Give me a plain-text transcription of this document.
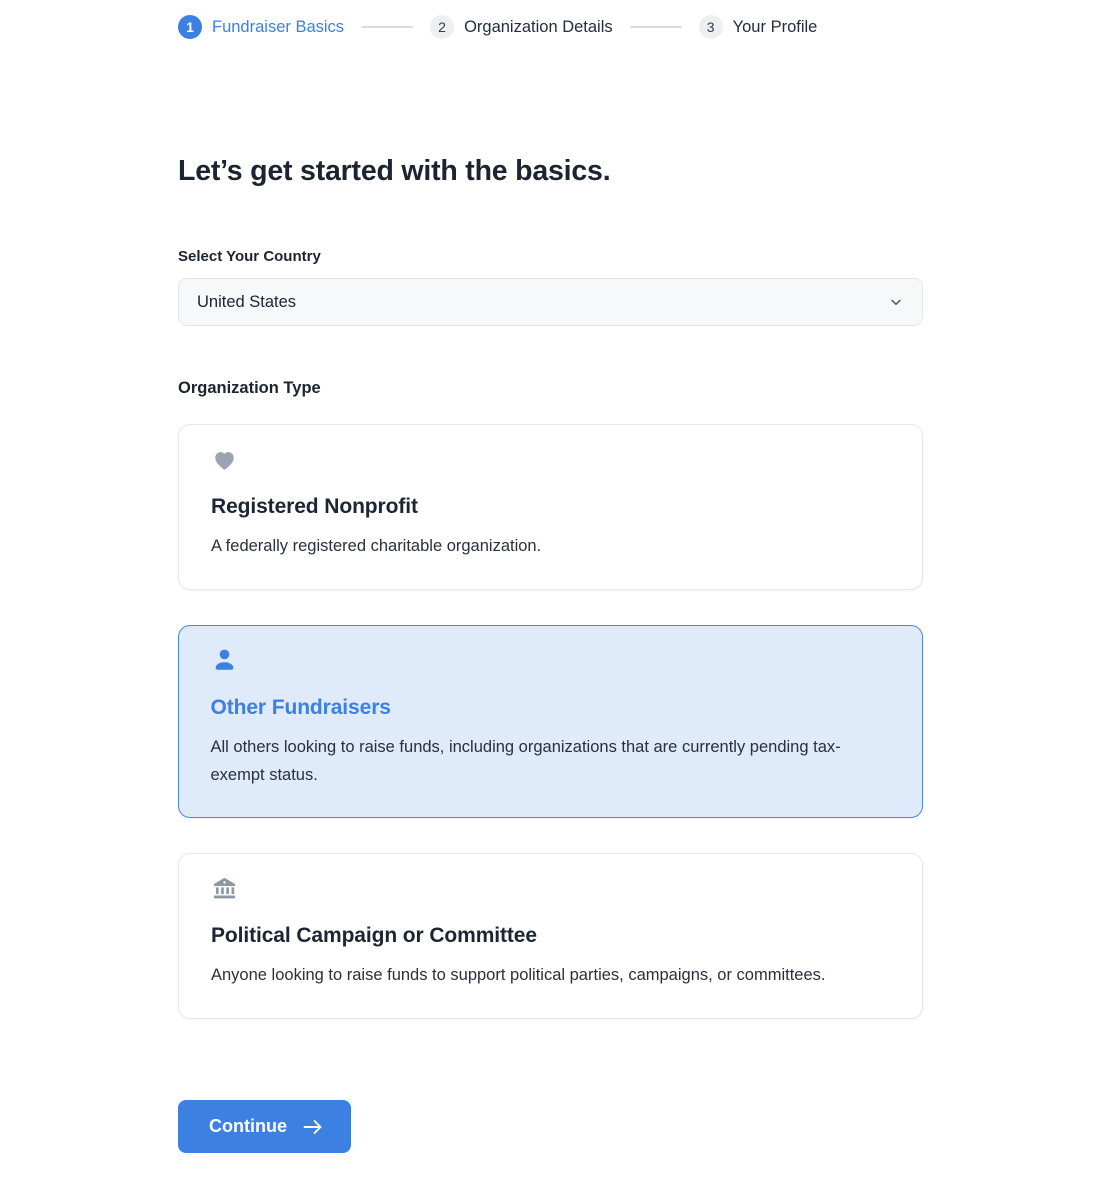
1	Fundraiser Basics	2	Organization Details	3	Your Profile
Let’s get started with the basics.
Select Your Country
United States
Organization Type
Registered Nonprofit
A federally registered charitable organization.
Other Fundraisers
All others looking to raise funds, including organizations that are currently pending tax-exempt status.
Political Campaign or Committee
Anyone looking to raise funds to support political parties, campaigns, or committees.
Continue
